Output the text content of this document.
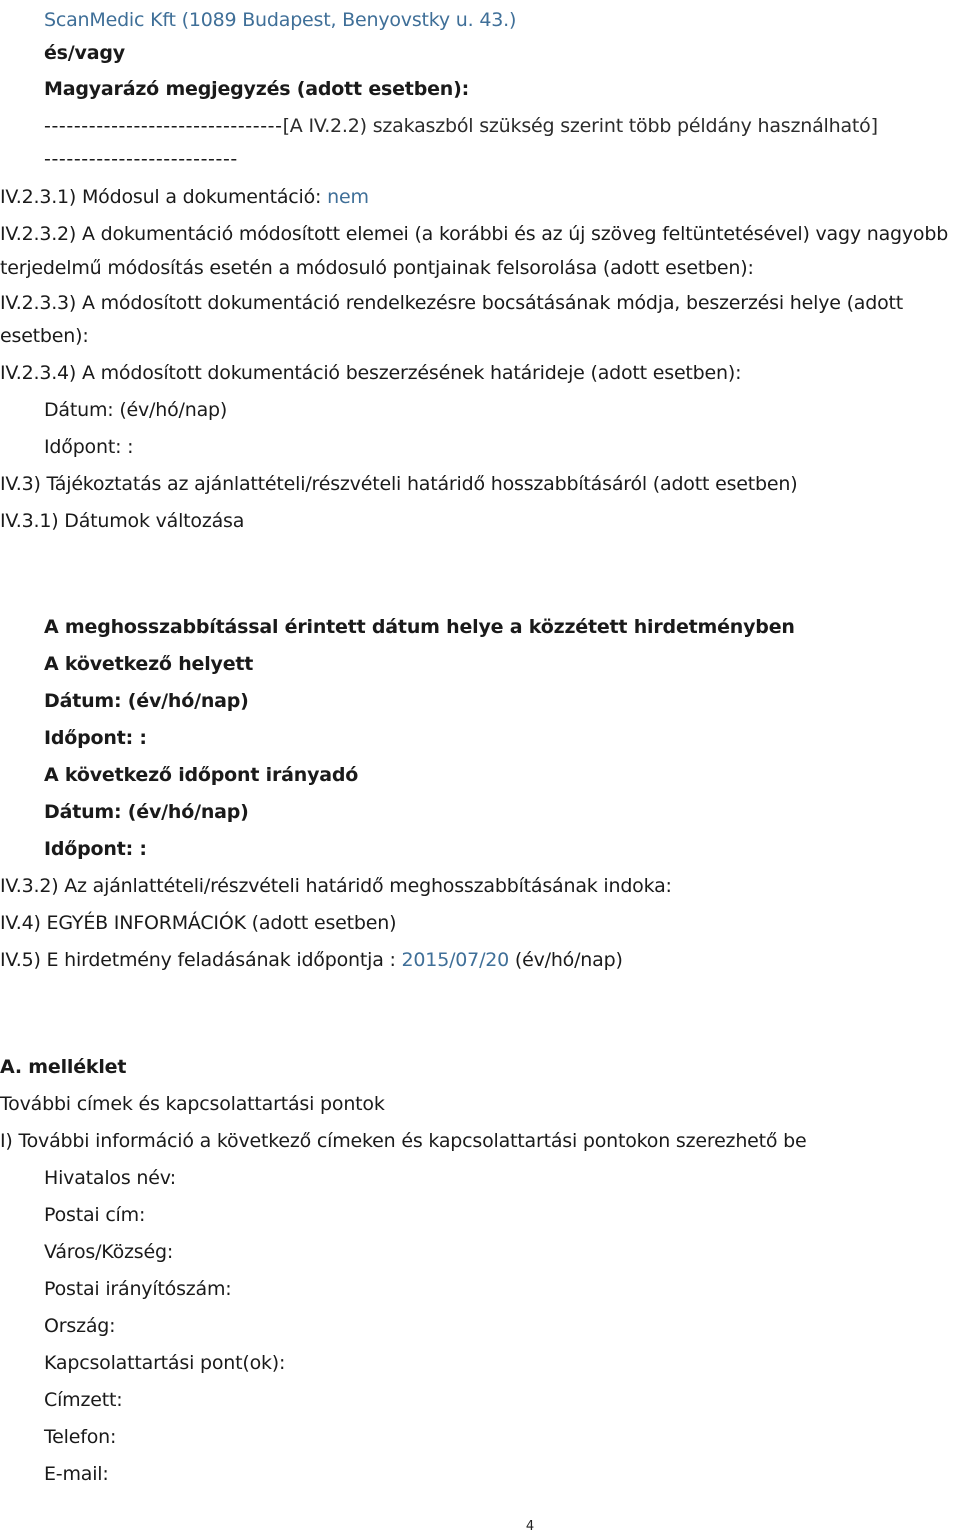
ScanMedic Kft (1089 Budapest, Benyovstky u. 43.)
és/vagy
Magyarázó megjegyzés (adott esetben):
--------------------------------[A IV.2.2) szakaszból szükség szerint több példány használható]
--------------------------
IV.2.3.1) Módosul a dokumentáció: nem
IV.2.3.2) A dokumentáció módosított elemei (a korábbi és az új szöveg feltüntetésével) vagy nagyobb
terjedelmű módosítás esetén a módosuló pontjainak felsorolása (adott esetben):
IV.2.3.3) A módosított dokumentáció rendelkezésre bocsátásának módja, beszerzési helye (adott
esetben):
IV.2.3.4) A módosított dokumentáció beszerzésének határideje (adott esetben):
Dátum: (év/hó/nap)
Időpont: :
IV.3) Tájékoztatás az ajánlattételi/részvételi határidő hosszabbításáról (adott esetben)
IV.3.1) Dátumok változása
A meghosszabbítással érintett dátum helye a közzétett hirdetményben
A következő helyett
Dátum: (év/hó/nap)
Időpont: :
A következő időpont irányadó
Dátum: (év/hó/nap)
Időpont: :
IV.3.2) Az ajánlattételi/részvételi határidő meghosszabbításának indoka:
IV.4) EGYÉB INFORMÁCIÓK (adott esetben)
IV.5) E hirdetmény feladásának időpontja : 2015/07/20 (év/hó/nap)
A. melléklet
További címek és kapcsolattartási pontok
I) További információ a következő címeken és kapcsolattartási pontokon szerezhető be
Hivatalos név:
Postai cím:
Város/Község:
Postai irányítószám:
Ország:
Kapcsolattartási pont(ok):
Címzett:
Telefon:
E-mail:
4
